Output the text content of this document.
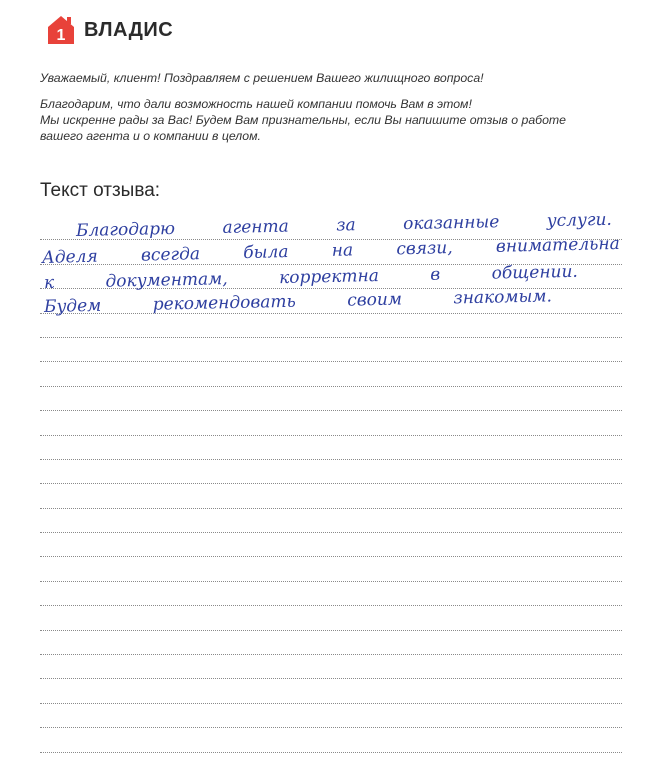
1 ВЛАДИС

Уважаемый, клиент! Поздравляем с решением Вашего жилищного вопроса!

Благодарим, что дали возможность нашей компании помочь Вам в этом!

Мы искренне рады за Вас! Будем Вам признательны, если Вы напишите отзыв о работе

вашего агента и о компании в целом.

Текст отзыва:
Благодарю	агента	за	оказанные	услуги.
Аделя	всегда	была	на	связи,	внимательна
к	документам,	корректна	в	общении.
Будем	рекомендовать	своим	знакомым.
